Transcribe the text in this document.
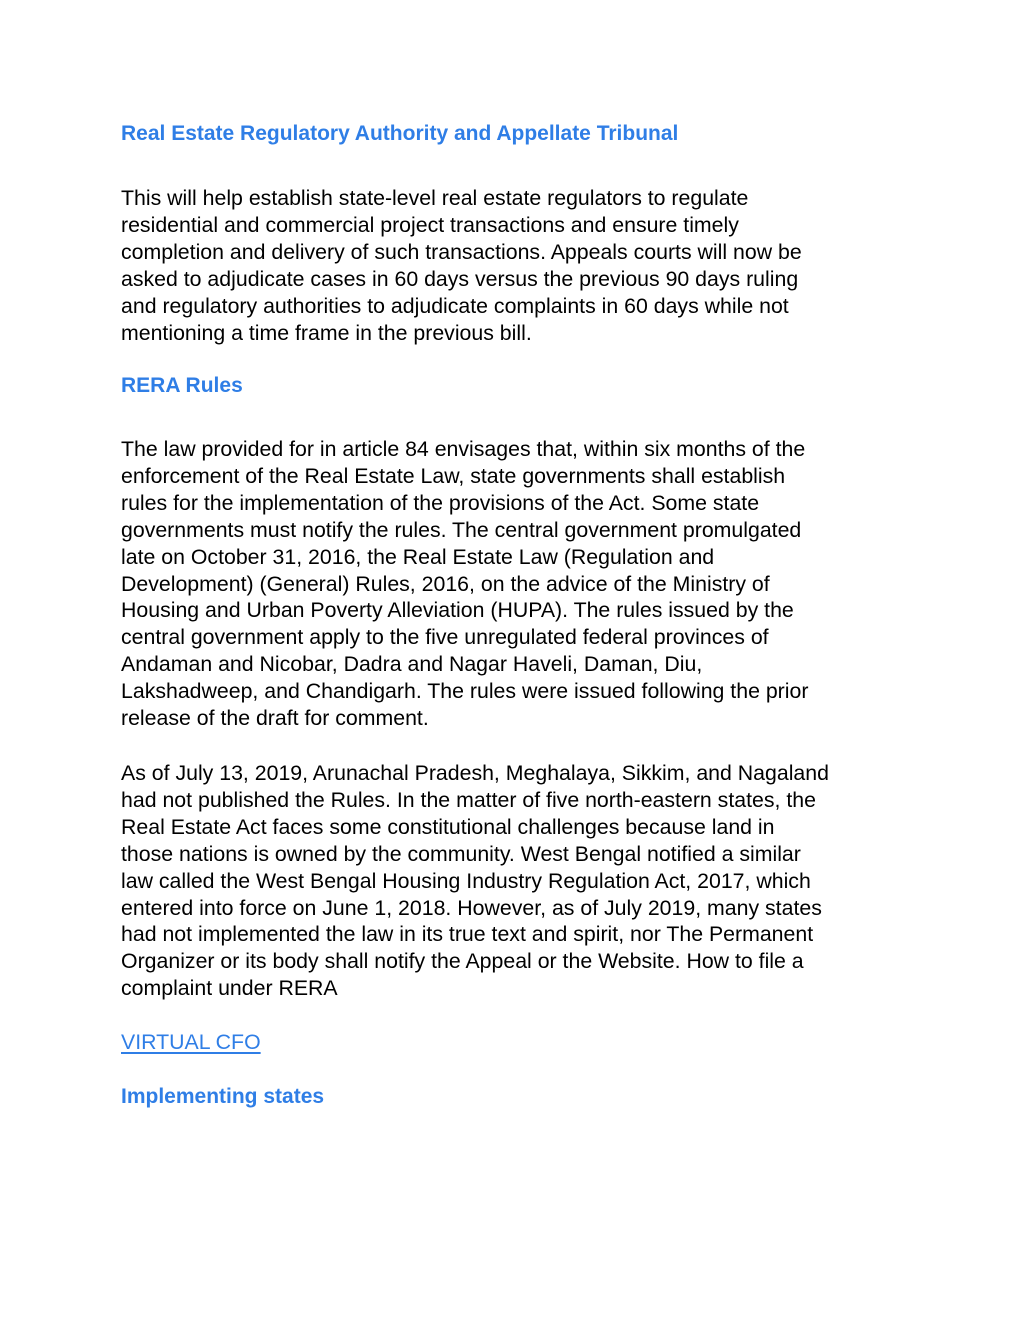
Real Estate Regulatory Authority and Appellate Tribunal
This will help establish state-level real estate regulators to regulate
residential and commercial project transactions and ensure timely
completion and delivery of such transactions. Appeals courts will now be
asked to adjudicate cases in 60 days versus the previous 90 days ruling
and regulatory authorities to adjudicate complaints in 60 days while not
mentioning a time frame in the previous bill.
RERA Rules
The law provided for in article 84 envisages that, within six months of the
enforcement of the Real Estate Law, state governments shall establish
rules for the implementation of the provisions of the Act. Some state
governments must notify the rules. The central government promulgated
late on October 31, 2016, the Real Estate Law (Regulation and
Development) (General) Rules, 2016, on the advice of the Ministry of
Housing and Urban Poverty Alleviation (HUPA). The rules issued by the
central government apply to the five unregulated federal provinces of
Andaman and Nicobar, Dadra and Nagar Haveli, Daman, Diu,
Lakshadweep, and Chandigarh. The rules were issued following the prior
release of the draft for comment.
As of July 13, 2019, Arunachal Pradesh, Meghalaya, Sikkim, and Nagaland
had not published the Rules. In the matter of five north-eastern states, the
Real Estate Act faces some constitutional challenges because land in
those nations is owned by the community. West Bengal notified a similar
law called the West Bengal Housing Industry Regulation Act, 2017, which
entered into force on June 1, 2018. However, as of July 2019, many states
had not implemented the law in its true text and spirit, nor The Permanent
Organizer or its body shall notify the Appeal or the Website. How to file a
complaint under RERA
VIRTUAL CFO
Implementing states
